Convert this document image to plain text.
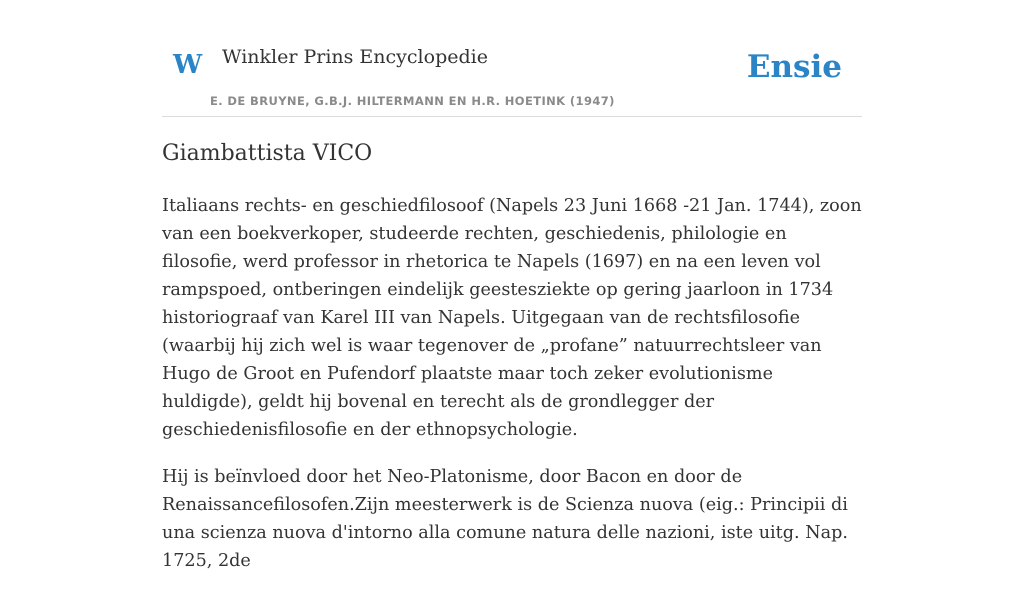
W Winkler Prins Encyclopedie
E. DE BRUYNE, G.B.J. HILTERMANN EN H.R. HOETINK (1947)
Ensie
Giambattista VICO

Italiaans rechts- en geschiedfilosoof (Napels 23 Juni 1668 -21 Jan. 1744), zoon van een boekverkoper, studeerde rechten, geschiedenis, philologie en filosofie, werd professor in rhetorica te Napels (1697) en na een leven vol rampspoed, ontberingen eindelijk geestesziekte op gering jaarloon in 1734 historiograaf van Karel III van Napels. Uitgegaan van de rechtsfilosofie (waarbij hij zich wel is waar tegenover de „profane” natuurrechtsleer van Hugo de Groot en Pufendorf plaatste maar toch zeker evolutionisme huldigde), geldt hij bovenal en terecht als de grondlegger der geschiedenisfilosofie en der ethnopsychologie.

Hij is beïnvloed door het Neo-Platonisme, door Bacon en door de Renaissancefilosofen.Zijn meesterwerk is de Scienza nuova (eig.: Principii di una scienza nuova d'intorno alla comune natura delle nazioni, iste uitg. Nap. 1725, 2de
